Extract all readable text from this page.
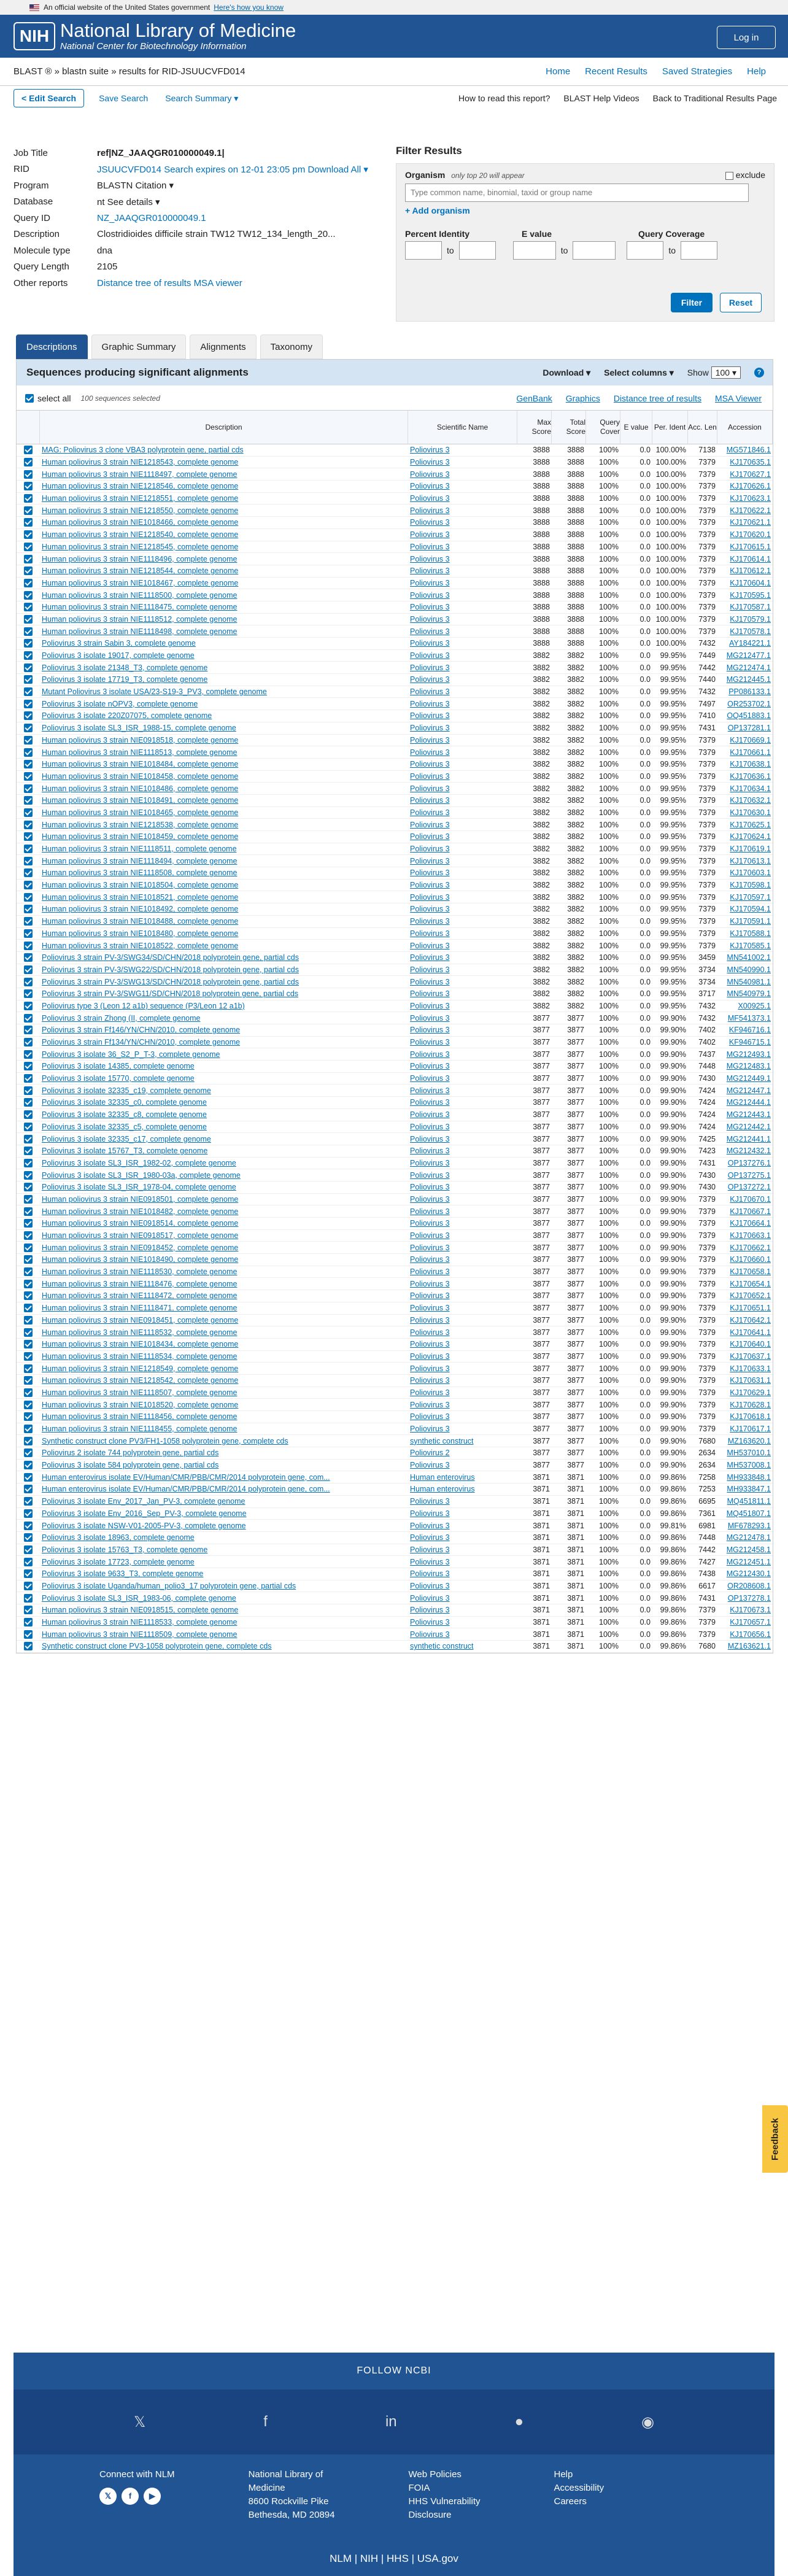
An official website of the United States government Here's how you know
NIH National Library of Medicine
National Center for Biotechnology Information
Log in
BLAST ® » blastn suite » results for RID-JSUUCVFD014	Home Recent Results Saved Strategies Help
< Edit Search	Save Search Search Summary ▾	How to read this report? BLAST Help Videos Back to Traditional Results Page
Job Title	ref|NZ_JAAQGR010000049.1|
RID	JSUUCVFD014 Search expires on 12-01 23:05 pm Download All ▾
Program	BLASTN Citation ▾
Database	nt See details ▾
Query ID	NZ_JAAQGR010000049.1
Description	Clostridioides difficile strain TW12 TW12_134_length_20...
Molecule type	dna
Query Length	2105
Other reports	Distance tree of results MSA viewer
Filter Results
Organism only top 20 will appear	exclude
Type common name, binomial, taxid or group name
+ Add organism
Percent Identity	E value	Query Coverage
to	to	to
Filter	Reset
Descriptions	Graphic Summary	Alignments	Taxonomy
Sequences producing significant alignments	Download ▾ Select columns ▾ Show 100 ▾	?
select all 100 sequences selected	GenBank Graphics Distance tree of results MSA Viewer
Description	Scientific Name
Max Score
Total Score
Query Cover
E value Per. Ident Acc. Len	Accession
MAG: Poliovirus 3 clone VBA3 polyprotein gene, partial cds	Poliovirus 3	3888	3888	100%	0.0 100.00%	7138	MG571846.1
Human poliovirus 3 strain NIE1218543, complete genome	Poliovirus 3	3888	3888	100%	0.0 100.00%	7379	KJ170635.1
Human poliovirus 3 strain NIE1118497, complete genome	Poliovirus 3	3888	3888	100%	0.0 100.00%	7379	KJ170627.1
Human poliovirus 3 strain NIE1218546, complete genome	Poliovirus 3	3888	3888	100%	0.0 100.00%	7379	KJ170626.1
Human poliovirus 3 strain NIE1218551, complete genome	Poliovirus 3	3888	3888	100%	0.0 100.00%	7379	KJ170623.1
Human poliovirus 3 strain NIE1218550, complete genome	Poliovirus 3	3888	3888	100%	0.0 100.00%	7379	KJ170622.1
Human poliovirus 3 strain NIE1018466, complete genome	Poliovirus 3	3888	3888	100%	0.0 100.00%	7379	KJ170621.1
Human poliovirus 3 strain NIE1218540, complete genome	Poliovirus 3	3888	3888	100%	0.0 100.00%	7379	KJ170620.1
Human poliovirus 3 strain NIE1218545, complete genome	Poliovirus 3	3888	3888	100%	0.0 100.00%	7379	KJ170615.1
Human poliovirus 3 strain NIE1118496, complete genome	Poliovirus 3	3888	3888	100%	0.0 100.00%	7379	KJ170614.1
Human poliovirus 3 strain NIE1218544, complete genome	Poliovirus 3	3888	3888	100%	0.0 100.00%	7379	KJ170612.1
Human poliovirus 3 strain NIE1018467, complete genome	Poliovirus 3	3888	3888	100%	0.0 100.00%	7379	KJ170604.1
Human poliovirus 3 strain NIE1118500, complete genome	Poliovirus 3	3888	3888	100%	0.0 100.00%	7379	KJ170595.1
Human poliovirus 3 strain NIE1118475, complete genome	Poliovirus 3	3888	3888	100%	0.0 100.00%	7379	KJ170587.1
Human poliovirus 3 strain NIE1118512, complete genome	Poliovirus 3	3888	3888	100%	0.0 100.00%	7379	KJ170579.1
Human poliovirus 3 strain NIE1118498, complete genome	Poliovirus 3	3888	3888	100%	0.0 100.00%	7379	KJ170578.1
Poliovirus 3 strain Sabin 3, complete genome	Poliovirus 3	3888	3888	100%	0.0 100.00%	7432	AY184221.1
Poliovirus 3 isolate 19017, complete genome	Poliovirus 3	3882	3882	100%	0.0	99.95%	7449	MG212477.1
Poliovirus 3 isolate 21348_T3, complete genome	Poliovirus 3	3882	3882	100%	0.0	99.95%	7442	MG212474.1
Poliovirus 3 isolate 17719_T3, complete genome	Poliovirus 3	3882	3882	100%	0.0	99.95%	7440	MG212445.1
Mutant Poliovirus 3 isolate USA/23-S19-3_PV3, complete genome	Poliovirus 3	3882	3882	100%	0.0	99.95%	7432	PP086133.1
Poliovirus 3 isolate nOPV3, complete genome	Poliovirus 3	3882	3882	100%	0.0	99.95%	7497	OR253702.1
Poliovirus 3 isolate 220Z07075, complete genome	Poliovirus 3	3882	3882	100%	0.0	99.95%	7410	OQ451883.1
Poliovirus 3 isolate SL3_ISR_1988-15, complete genome	Poliovirus 3	3882	3882	100%	0.0	99.95%	7431	OP137281.1
Human poliovirus 3 strain NIE0918518, complete genome	Poliovirus 3	3882	3882	100%	0.0	99.95%	7379	KJ170669.1
Human poliovirus 3 strain NIE1118513, complete genome	Poliovirus 3	3882	3882	100%	0.0	99.95%	7379	KJ170661.1
Human poliovirus 3 strain NIE1018484, complete genome	Poliovirus 3	3882	3882	100%	0.0	99.95%	7379	KJ170638.1
Human poliovirus 3 strain NIE1018458, complete genome	Poliovirus 3	3882	3882	100%	0.0	99.95%	7379	KJ170636.1
Human poliovirus 3 strain NIE1018486, complete genome	Poliovirus 3	3882	3882	100%	0.0	99.95%	7379	KJ170634.1
Human poliovirus 3 strain NIE1018491, complete genome	Poliovirus 3	3882	3882	100%	0.0	99.95%	7379	KJ170632.1
Human poliovirus 3 strain NIE1018465, complete genome	Poliovirus 3	3882	3882	100%	0.0	99.95%	7379	KJ170630.1
Human poliovirus 3 strain NIE1218538, complete genome	Poliovirus 3	3882	3882	100%	0.0	99.95%	7379	KJ170625.1
Human poliovirus 3 strain NIE1018459, complete genome	Poliovirus 3	3882	3882	100%	0.0	99.95%	7379	KJ170624.1
Human poliovirus 3 strain NIE1118511, complete genome	Poliovirus 3	3882	3882	100%	0.0	99.95%	7379	KJ170619.1
Human poliovirus 3 strain NIE1118494, complete genome	Poliovirus 3	3882	3882	100%	0.0	99.95%	7379	KJ170613.1
Human poliovirus 3 strain NIE1118508, complete genome	Poliovirus 3	3882	3882	100%	0.0	99.95%	7379	KJ170603.1
Human poliovirus 3 strain NIE1018504, complete genome	Poliovirus 3	3882	3882	100%	0.0	99.95%	7379	KJ170598.1
Human poliovirus 3 strain NIE1018521, complete genome	Poliovirus 3	3882	3882	100%	0.0	99.95%	7379	KJ170597.1
Human poliovirus 3 strain NIE1018492, complete genome	Poliovirus 3	3882	3882	100%	0.0	99.95%	7379	KJ170594.1
Human poliovirus 3 strain NIE1018488, complete genome	Poliovirus 3	3882	3882	100%	0.0	99.95%	7379	KJ170591.1
Human poliovirus 3 strain NIE1018480, complete genome	Poliovirus 3	3882	3882	100%	0.0	99.95%	7379	KJ170588.1
Human poliovirus 3 strain NIE1018522, complete genome	Poliovirus 3	3882	3882	100%	0.0	99.95%	7379	KJ170585.1
Poliovirus 3 strain PV-3/SWG34/SD/CHN/2018 polyprotein gene, partial cds	Poliovirus 3	3882	3882	100%	0.0	99.95%	3459	MN541002.1
Poliovirus 3 strain PV-3/SWG22/SD/CHN/2018 polyprotein gene, partial cds	Poliovirus 3	3882	3882	100%	0.0	99.95%	3734	MN540990.1
Poliovirus 3 strain PV-3/SWG13/SD/CHN/2018 polyprotein gene, partial cds	Poliovirus 3	3882	3882	100%	0.0	99.95%	3734	MN540981.1
Poliovirus 3 strain PV-3/SWG11/SD/CHN/2018 polyprotein gene, partial cds	Poliovirus 3	3882	3882	100%	0.0	99.95%	3717	MN540979.1
Poliovirus type 3 (Leon 12 a1b) sequence (P3/Leon 12 a1b)	Poliovirus 3	3882	3882	100%	0.0	99.95%	7432	X00925.1
Poliovirus 3 strain Zhong (II, complete genome	Poliovirus 3	3877	3877	100%	0.0	99.90%	7432	MF541373.1
Poliovirus 3 strain Ff146/YN/CHN/2010, complete genome	Poliovirus 3	3877	3877	100%	0.0	99.90%	7402	KF946716.1
Poliovirus 3 strain Ff134/YN/CHN/2010, complete genome	Poliovirus 3	3877	3877	100%	0.0	99.90%	7402	KF946715.1
Poliovirus 3 isolate 36_S2_P_T-3, complete genome	Poliovirus 3	3877	3877	100%	0.0	99.90%	7437	MG212493.1
Poliovirus 3 isolate 14385, complete genome	Poliovirus 3	3877	3877	100%	0.0	99.90%	7448	MG212483.1
Poliovirus 3 isolate 15770, complete genome	Poliovirus 3	3877	3877	100%	0.0	99.90%	7430	MG212449.1
Poliovirus 3 isolate 32335_c19, complete genome	Poliovirus 3	3877	3877	100%	0.0	99.90%	7424	MG212447.1
Poliovirus 3 isolate 32335_c0, complete genome	Poliovirus 3	3877	3877	100%	0.0	99.90%	7424	MG212444.1
Poliovirus 3 isolate 32335_c8, complete genome	Poliovirus 3	3877	3877	100%	0.0	99.90%	7424	MG212443.1
Poliovirus 3 isolate 32335_c5, complete genome	Poliovirus 3	3877	3877	100%	0.0	99.90%	7424	MG212442.1
Poliovirus 3 isolate 32335_c17, complete genome	Poliovirus 3	3877	3877	100%	0.0	99.90%	7425	MG212441.1
Poliovirus 3 isolate 15767_T3, complete genome	Poliovirus 3	3877	3877	100%	0.0	99.90%	7423	MG212432.1
Poliovirus 3 isolate SL3_ISR_1982-02, complete genome	Poliovirus 3	3877	3877	100%	0.0	99.90%	7431	OP137276.1
Poliovirus 3 isolate SL3_ISR_1980-03a, complete genome	Poliovirus 3	3877	3877	100%	0.0	99.90%	7430	OP137275.1
Poliovirus 3 isolate SL3_ISR_1978-04, complete genome	Poliovirus 3	3877	3877	100%	0.0	99.90%	7430	OP137272.1
Human poliovirus 3 strain NIE0918501, complete genome	Poliovirus 3	3877	3877	100%	0.0	99.90%	7379	KJ170670.1
Human poliovirus 3 strain NIE1018482, complete genome	Poliovirus 3	3877	3877	100%	0.0	99.90%	7379	KJ170667.1
Human poliovirus 3 strain NIE0918514, complete genome	Poliovirus 3	3877	3877	100%	0.0	99.90%	7379	KJ170664.1
Human poliovirus 3 strain NIE0918517, complete genome	Poliovirus 3	3877	3877	100%	0.0	99.90%	7379	KJ170663.1
Human poliovirus 3 strain NIE0918452, complete genome	Poliovirus 3	3877	3877	100%	0.0	99.90%	7379	KJ170662.1
Human poliovirus 3 strain NIE1018490, complete genome	Poliovirus 3	3877	3877	100%	0.0	99.90%	7379	KJ170660.1
Human poliovirus 3 strain NIE1118530, complete genome	Poliovirus 3	3877	3877	100%	0.0	99.90%	7379	KJ170658.1
Human poliovirus 3 strain NIE1118476, complete genome	Poliovirus 3	3877	3877	100%	0.0	99.90%	7379	KJ170654.1
Human poliovirus 3 strain NIE1118472, complete genome	Poliovirus 3	3877	3877	100%	0.0	99.90%	7379	KJ170652.1
Human poliovirus 3 strain NIE1118471, complete genome	Poliovirus 3	3877	3877	100%	0.0	99.90%	7379	KJ170651.1
Human poliovirus 3 strain NIE0918451, complete genome	Poliovirus 3	3877	3877	100%	0.0	99.90%	7379	KJ170642.1
Human poliovirus 3 strain NIE1118532, complete genome	Poliovirus 3	3877	3877	100%	0.0	99.90%	7379	KJ170641.1
Human poliovirus 3 strain NIE1018434, complete genome	Poliovirus 3	3877	3877	100%	0.0	99.90%	7379	KJ170640.1
Human poliovirus 3 strain NIE1118534, complete genome	Poliovirus 3	3877	3877	100%	0.0	99.90%	7379	KJ170637.1
Human poliovirus 3 strain NIE1218549, complete genome	Poliovirus 3	3877	3877	100%	0.0	99.90%	7379	KJ170633.1
Human poliovirus 3 strain NIE1218542, complete genome	Poliovirus 3	3877	3877	100%	0.0	99.90%	7379	KJ170631.1
Human poliovirus 3 strain NIE1118507, complete genome	Poliovirus 3	3877	3877	100%	0.0	99.90%	7379	KJ170629.1
Human poliovirus 3 strain NIE1018520, complete genome	Poliovirus 3	3877	3877	100%	0.0	99.90%	7379	KJ170628.1
Human poliovirus 3 strain NIE1118456, complete genome	Poliovirus 3	3877	3877	100%	0.0	99.90%	7379	KJ170618.1
Human poliovirus 3 strain NIE1118455, complete genome	Poliovirus 3	3877	3877	100%	0.0	99.90%	7379	KJ170617.1
Synthetic construct clone PV3/FH1-1058 polyprotein gene, complete cds	synthetic construct	3877	3877	100%	0.0	99.90%	7680	MZ163620.1
Poliovirus 2 isolate 744 polyprotein gene, partial cds	Poliovirus 2	3877	3877	100%	0.0	99.90%	2634	MH537010.1
Poliovirus 3 isolate 584 polyprotein gene, partial cds	Poliovirus 3	3877	3877	100%	0.0	99.90%	2634	MH537008.1
Human enterovirus isolate EV/Human/CMR/PBB/CMR/2014 polyprotein gene, com...	Human enterovirus	3871	3871	100%	0.0	99.86%	7258	MH933848.1
Human enterovirus isolate EV/Human/CMR/PBB/CMR/2014 polyprotein gene, com...	Human enterovirus	3871	3871	100%	0.0	99.86%	7253	MH933847.1
Poliovirus 3 isolate Env_2017_Jan_PV-3, complete genome	Poliovirus 3	3871	3871	100%	0.0	99.86%	6695	MQ451811.1
Poliovirus 3 isolate Env_2016_Sep_PV-3, complete genome	Poliovirus 3	3871	3871	100%	0.0	99.86%	7361	MQ451807.1
Poliovirus 3 isolate NSW-V01-2005-PV-3, complete genome	Poliovirus 3	3871	3871	100%	0.0	99.81%	6981	MF678293.1
Poliovirus 3 isolate 18963, complete genome	Poliovirus 3	3871	3871	100%	0.0	99.86%	7448	MG212478.1
Poliovirus 3 isolate 15763_T3, complete genome	Poliovirus 3	3871	3871	100%	0.0	99.86%	7442	MG212458.1
Poliovirus 3 isolate 17723, complete genome	Poliovirus 3	3871	3871	100%	0.0	99.86%	7427	MG212451.1
Poliovirus 3 isolate 9633_T3, complete genome	Poliovirus 3	3871	3871	100%	0.0	99.86%	7438	MG212430.1
Poliovirus 3 isolate Uganda/human_polio3_17 polyprotein gene, partial cds	Poliovirus 3	3871	3871	100%	0.0	99.86%	6617	OR208608.1
Poliovirus 3 isolate SL3_ISR_1983-06, complete genome	Poliovirus 3	3871	3871	100%	0.0	99.86%	7431	OP137278.1
Human poliovirus 3 strain NIE0918515, complete genome	Poliovirus 3	3871	3871	100%	0.0	99.86%	7379	KJ170673.1
Human poliovirus 3 strain NIE1118533, complete genome	Poliovirus 3	3871	3871	100%	0.0	99.86%	7379	KJ170657.1
Human poliovirus 3 strain NIE1118509, complete genome	Poliovirus 3	3871	3871	100%	0.0	99.86%	7379	KJ170656.1
Synthetic construct clone PV3-1058 polyprotein gene, complete cds	synthetic construct	3871	3871	100%	0.0	99.86%	7680	MZ163621.1
FOLLOW NCBI
𝕏	f	in	●	◉
Connect with NLM
𝕏 f ▶
National Library of
Medicine
8600 Rockville Pike
Bethesda, MD 20894
Web Policies
FOIA
HHS Vulnerability
Disclosure
Help
Accessibility
Careers
NLM | NIH | HHS | USA.gov
Feedback
